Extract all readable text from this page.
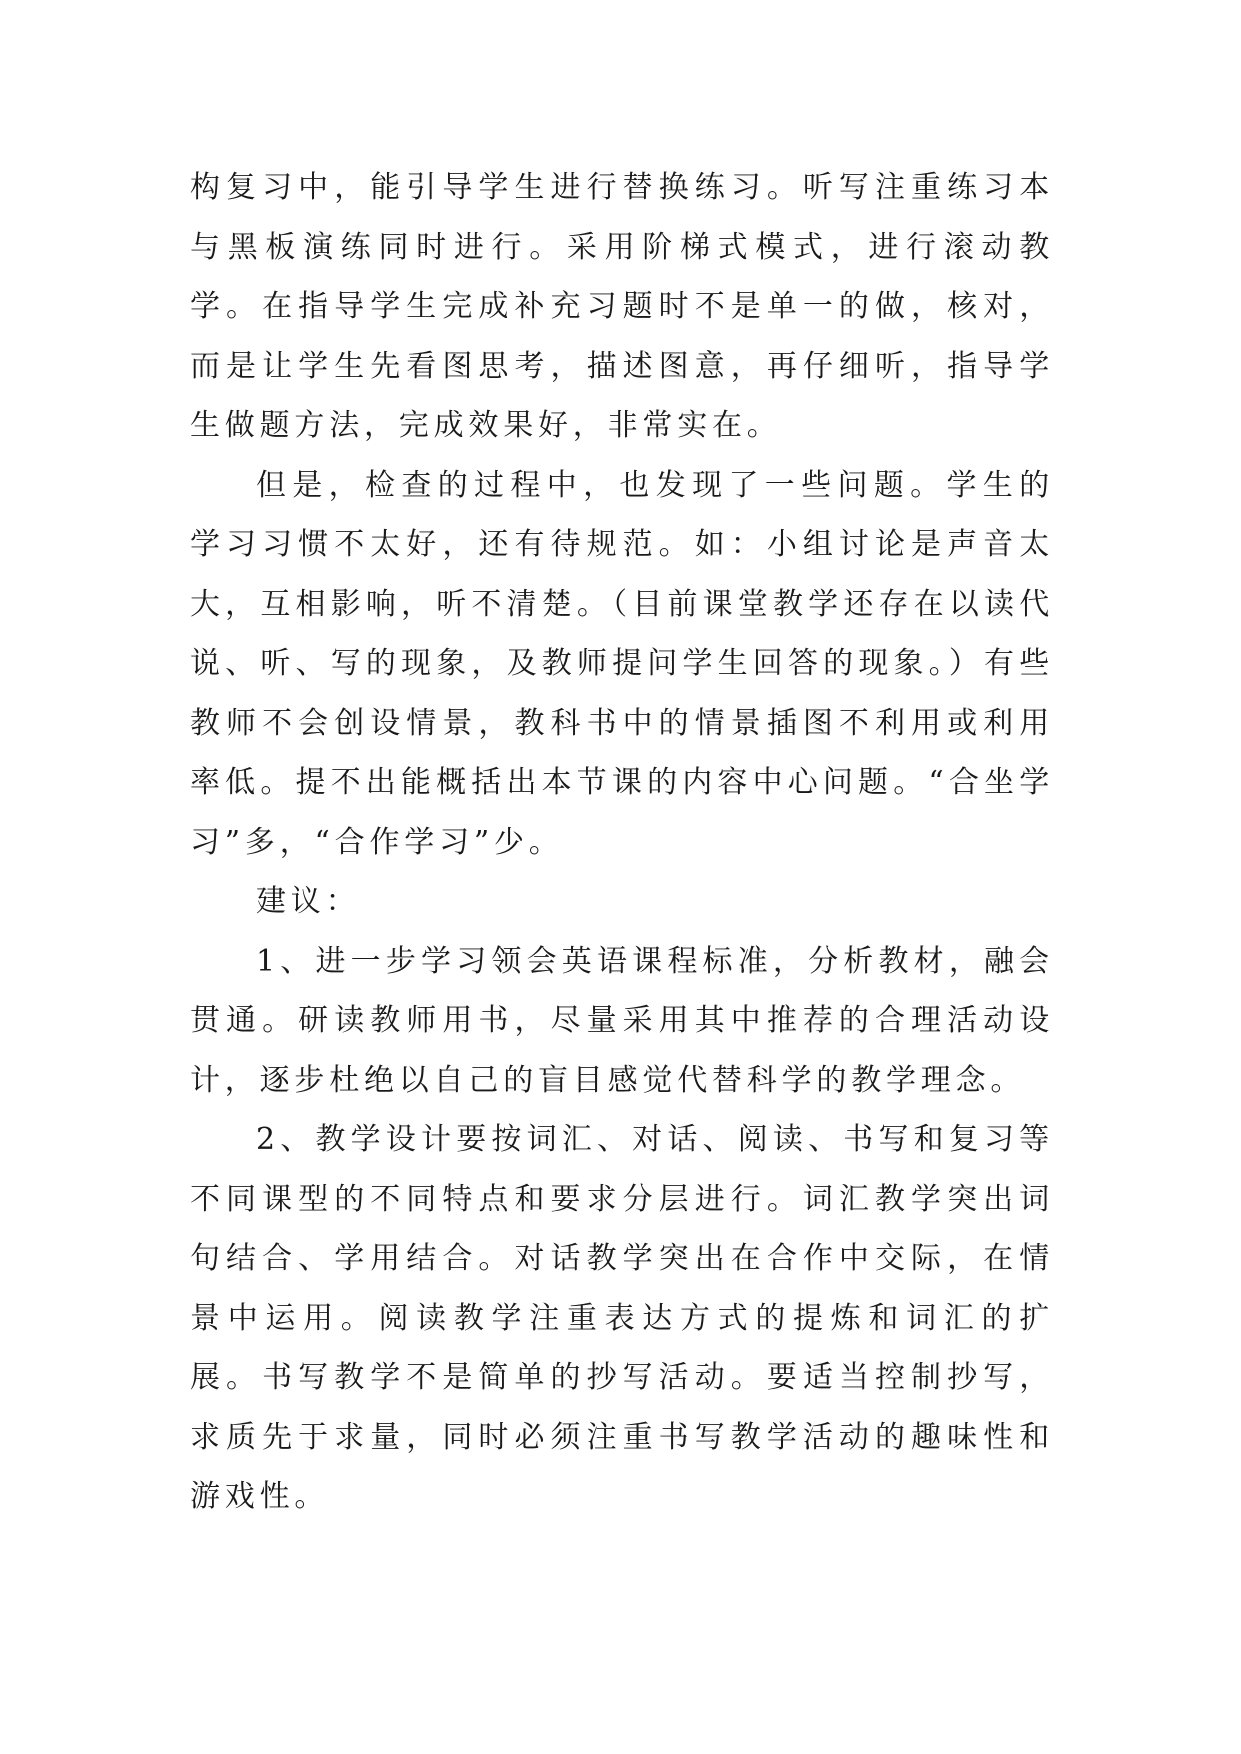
构复习中，能引导学生进行替换练习。听写注重练习本与黑板演练同时进行。采用阶梯式模式，进行滚动教学。在指导学生完成补充习题时不是单一的做，核对，而是让学生先看图思考，描述图意，再仔细听，指导学生做题方法，完成效果好，非常实在。

但是，检查的过程中，也发现了一些问题。学生的学习习惯不太好，还有待规范。如：小组讨论是声音太大，互相影响，听不清楚。（目前课堂教学还存在以读代说、听、写的现象，及教师提问学生回答的现象。）有些教师不会创设情景，教科书中的情景插图不利用或利用率低。提不出能概括出本节课的内容中心问题。“合坐学习”多，“合作学习”少。

建议：

1、进一步学习领会英语课程标准，分析教材，融会贯通。研读教师用书，尽量采用其中推荐的合理活动设计，逐步杜绝以自己的盲目感觉代替科学的教学理念。

2、教学设计要按词汇、对话、阅读、书写和复习等不同课型的不同特点和要求分层进行。词汇教学突出词句结合、学用结合。对话教学突出在合作中交际，在情景中运用。阅读教学注重表达方式的提炼和词汇的扩展。书写教学不是简单的抄写活动。要适当控制抄写，求质先于求量，同时必须注重书写教学活动的趣味性和游戏性。
